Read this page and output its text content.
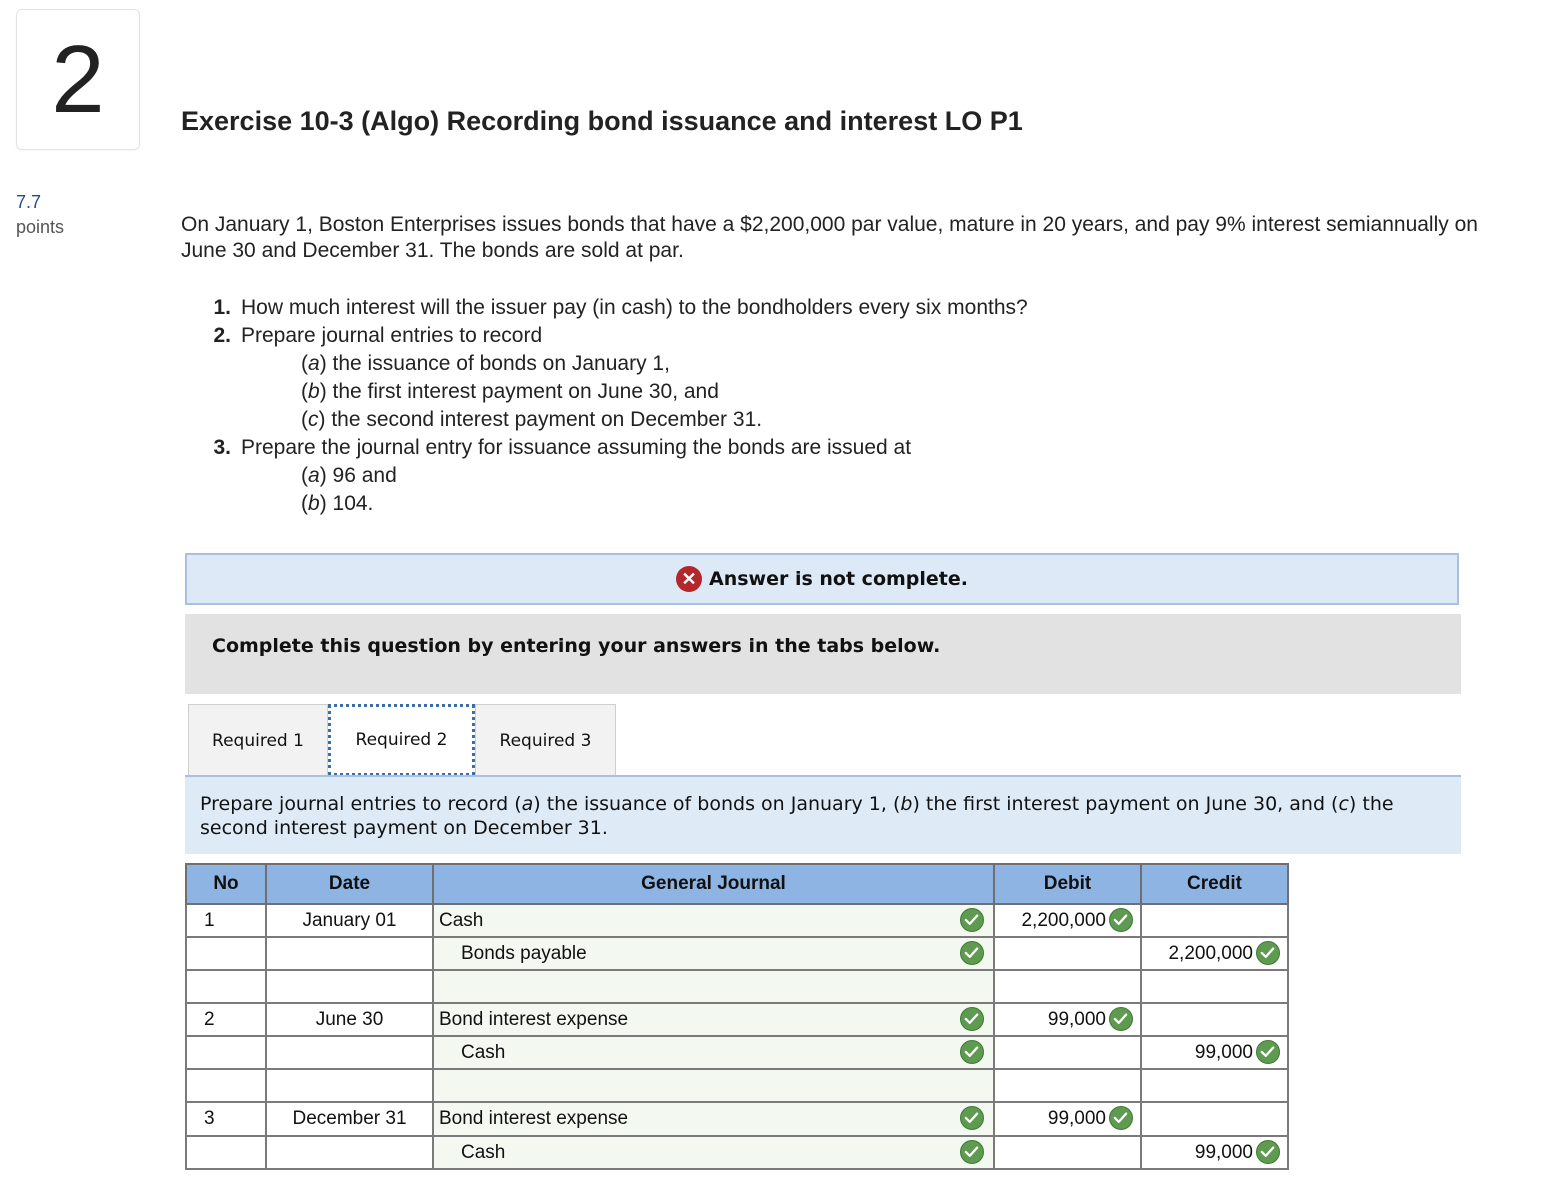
2
7.7
points
Exercise 10-3 (Algo) Recording bond issuance and interest LO P1
On January 1, Boston Enterprises issues bonds that have a $2,200,000 par value, mature in 20 years, and pay 9% interest semiannually on June 30 and December 31. The bonds are sold at par.
1. How much interest will the issuer pay (in cash) to the bondholders every six months?
2. Prepare journal entries to record
(a) the issuance of bonds on January 1,
(b) the first interest payment on June 30, and
(c) the second interest payment on December 31.
3. Prepare the journal entry for issuance assuming the bonds are issued at
(a) 96 and
(b) 104.
✕ Answer is not complete.
Complete this question by entering your answers in the tabs below.
Required 1	Required 2	Required 3
Prepare journal entries to record (a) the issuance of bonds on January 1, (b) the first interest payment on June 30, and (c) the second interest payment on December 31.
No	Date	General Journal	Debit	Credit
1	January 01	Cash	2,200,000

		Bonds payable		2,200,000

2	June 30	Bond interest expense	99,000

		Cash		99,000

3	December 31	Bond interest expense	99,000

		Cash		99,000
